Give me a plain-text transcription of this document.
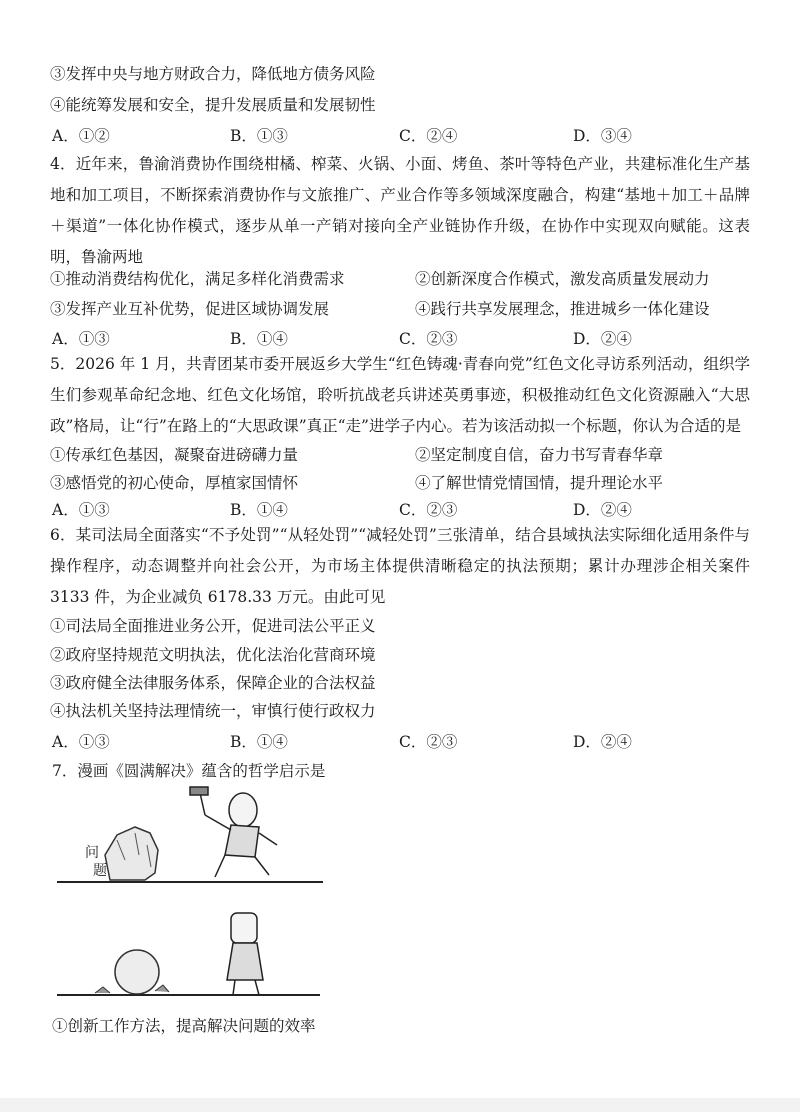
③发挥中央与地方财政合力，降低地方债务风险
④能统筹发展和安全，提升发展质量和发展韧性
A．①②	B．①③	C．②④	D．③④
4．近年来，鲁渝消费协作围绕柑橘、榨菜、火锅、小面、烤鱼、茶叶等特色产业，共建标准化生产基地和加工项目，不断探索消费协作与文旅推广、产业合作等多领域深度融合，构建“基地＋加工＋品牌＋渠道”一体化协作模式，逐步从单一产销对接向全产业链协作升级，在协作中实现双向赋能。这表明，鲁渝两地
①推动消费结构优化，满足多样化消费需求	②创新深度合作模式，激发高质量发展动力
③发挥产业互补优势，促进区域协调发展	④践行共享发展理念，推进城乡一体化建设
A．①③	B．①④	C．②③	D．②④
5．2026 年 1 月，共青团某市委开展返乡大学生“红色铸魂·青春向党”红色文化寻访系列活动，组织学生们参观革命纪念地、红色文化场馆，聆听抗战老兵讲述英勇事迹，积极推动红色文化资源融入“大思政”格局，让“行”在路上的“大思政课”真正“走”进学子内心。若为该活动拟一个标题，你认为合适的是
①传承红色基因，凝聚奋进磅礴力量	②坚定制度自信，奋力书写青春华章
③感悟党的初心使命，厚植家国情怀	④了解世情党情国情，提升理论水平
A．①③	B．①④	C．②③	D．②④
6．某司法局全面落实“不予处罚”“从轻处罚”“减轻处罚”三张清单，结合县域执法实际细化适用条件与操作程序，动态调整并向社会公开，为市场主体提供清晰稳定的执法预期；累计办理涉企相关案件 3133 件，为企业减负 6178.33 万元。由此可见
①司法局全面推进业务公开，促进司法公平正义
②政府坚持规范文明执法，优化法治化营商环境
③政府健全法律服务体系，保障企业的合法权益
④执法机关坚持法理情统一，审慎行使行政权力
A．①③	B．①④	C．②③	D．②④
7．漫画《圆满解决》蕴含的哲学启示是
问
题
①创新工作方法，提高解决问题的效率
